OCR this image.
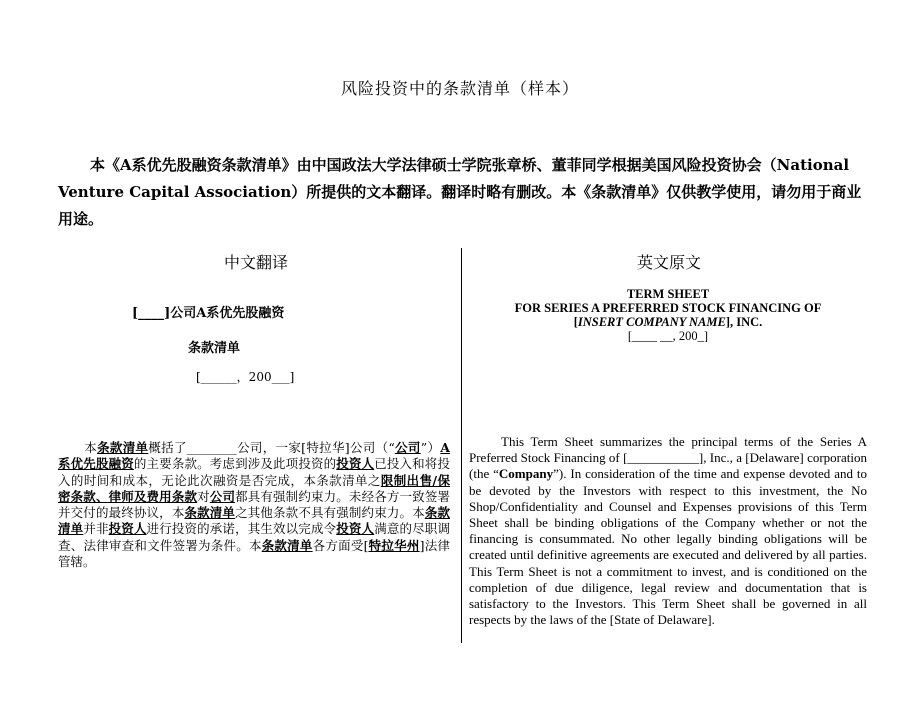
风险投资中的条款清单（样本）
本《A系优先股融资条款清单》由中国政法大学法律硕士学院张章桥、董菲同学根据美国风险投资协会（National Venture Capital Association）所提供的文本翻译。翻译时略有删改。本《条款清单》仅供教学使用，请勿用于商业用途。
中文翻译	英文原文
[____]公司A系优先股融资
条款清单
[______，200___]
TERM SHEET
FOR SERIES A PREFERRED STOCK FINANCING OF
[INSERT COMPANY NAME], INC.
[____ __, 200_]
本条款清单概括了________公司，一家[特拉华]公司（“公司”）A系优先股融资的主要条款。考虑到涉及此项投资的投资人已投入和将投入的时间和成本，无论此次融资是否完成，本条款清单之限制出售/保密条款、律师及费用条款对公司都具有强制约束力。未经各方一致签署并交付的最终协议，本条款清单之其他条款不具有强制约束力。本条款清单并非投资人进行投资的承诺，其生效以完成令投资人满意的尽职调查、法律审查和文件签署为条件。本条款清单各方面受[特拉华州]法律管辖。
This Term Sheet summarizes the principal terms of the Series A Preferred Stock Financing of [___________], Inc., a [Delaware] corporation (the “Company”). In consideration of the time and expense devoted and to be devoted by the Investors with respect to this investment, the No Shop/Confidentiality and Counsel and Expenses provisions of this Term Sheet shall be binding obligations of the Company whether or not the financing is consummated. No other legally binding obligations will be created until definitive agreements are executed and delivered by all parties. This Term Sheet is not a commitment to invest, and is conditioned on the completion of due diligence, legal review and documentation that is satisfactory to the Investors. This Term Sheet shall be governed in all respects by the laws of the [State of Delaware].
